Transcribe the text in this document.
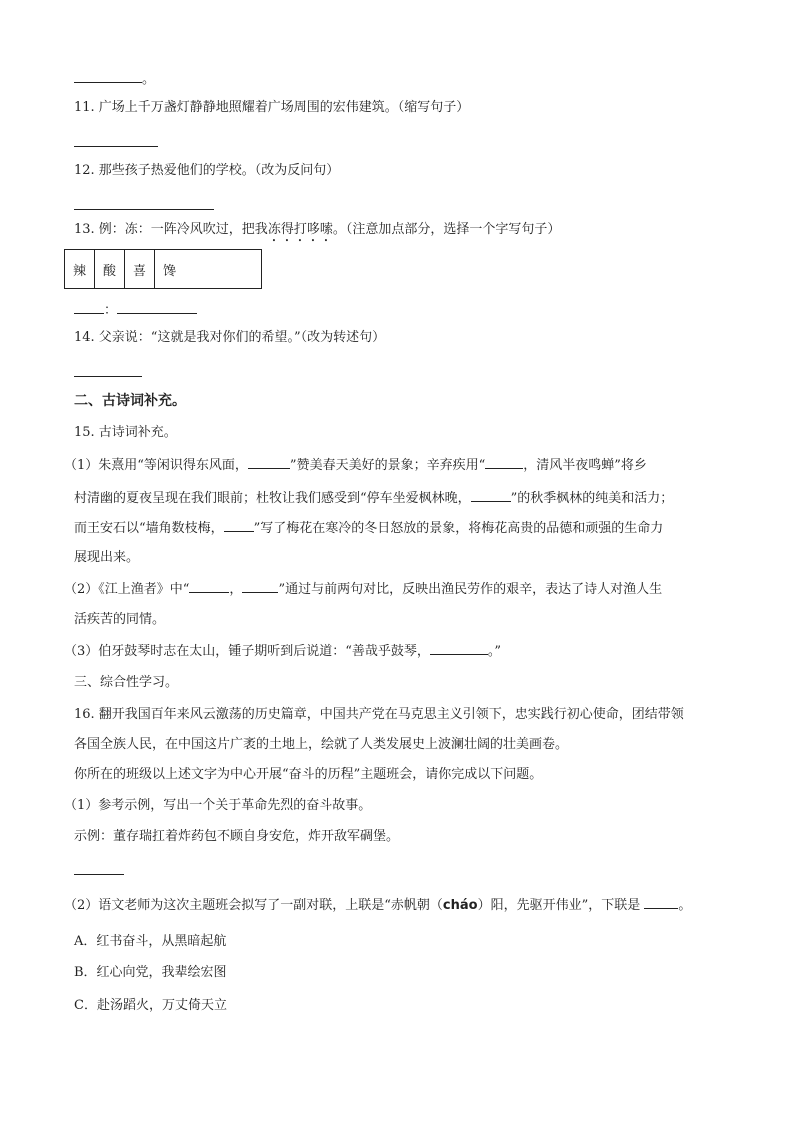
。
11. 广场上千万盏灯静静地照耀着广场周围的宏伟建筑。（缩写句子）
12. 那些孩子热爱他们的学校。（改为反问句）
13. 例：冻：一阵冷风吹过，把我冻得打哆嗦。（注意加点部分，选择一个字写句子）
辣	酸	喜	馋
：
14. 父亲说：“这就是我对你们的希望。”（改为转述句）
二、古诗词补充。
15. 古诗词补充。
（1）朱熹用“等闲识得东风面，	”赞美春天美好的景象；辛弃疾用“	，清风半夜鸣蝉”将乡
村清幽的夏夜呈现在我们眼前；杜牧让我们感受到“停车坐爱枫林晚，	”的秋季枫林的纯美和活力；
而王安石以“墙角数枝梅， ”写了梅花在寒冷的冬日怒放的景象，将梅花高贵的品德和顽强的生命力
展现出来。
（2）《江上渔者》中“	，	”通过与前两句对比，反映出渔民劳作的艰辛，表达了诗人对渔人生
活疾苦的同情。
（3）伯牙鼓琴时志在太山，锺子期听到后说道：“善哉乎鼓琴，	。”
三、综合性学习。
16. 翻开我国百年来风云激荡的历史篇章，中国共产党在马克思主义引领下，忠实践行初心使命，团结带领
各国全族人民，在中国这片广袤的土地上，绘就了人类发展史上波澜壮阔的壮美画卷。
你所在的班级以上述文字为中心开展“奋斗的历程”主题班会，请你完成以下问题。
（1）参考示例，写出一个关于革命先烈的奋斗故事。
示例：董存瑞扛着炸药包不顾自身安危，炸开敌军碉堡。
（2）语文老师为这次主题班会拟写了一副对联，上联是“赤帆朝（cháo）阳，先驱开伟业”，下联是	。
A．红书奋斗，从黑暗起航
B．红心向党，我辈绘宏图
C．赴汤蹈火，万丈倚天立
